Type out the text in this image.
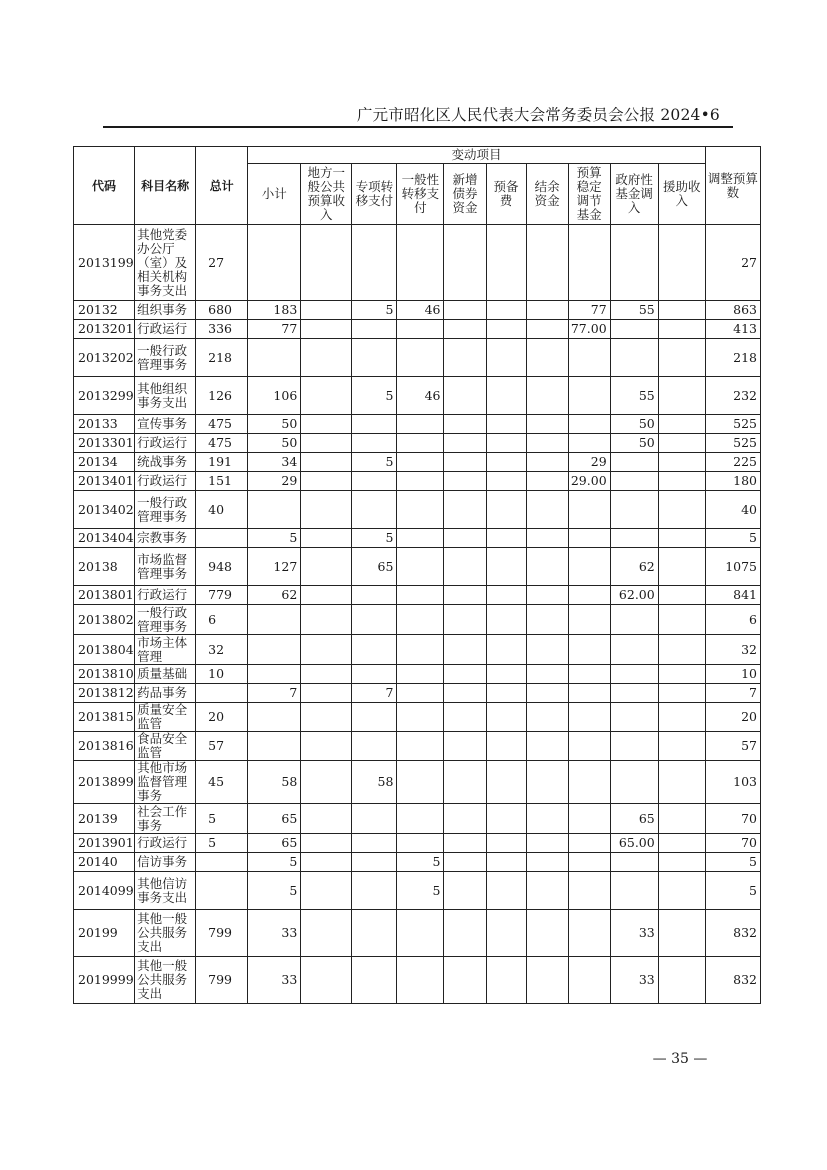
广元市昭化区人民代表大会常务委员会公报 2024•6
代码	科目名称	总计	变动项目										调整预算数
			小计	地方一般公共预算收入	专项转移支付	一般性转移支付	新增债券资金	预备费	结余资金	预算稳定调节基金	政府性基金调入	援助收入	
2013199	其他党委办公厅（室）及相关机构事务支出	27											27
20132	组织事务	680	183		5	46				77	55		863
2013201	行政运行	336	77							77.00			413
2013202	一般行政管理事务	218											218
2013299	其他组织事务支出	126	106		5	46					55		232
20133	宣传事务	475	50								50		525
2013301	行政运行	475	50								50		525
20134	统战事务	191	34		5					29			225
2013401	行政运行	151	29							29.00			180
2013402	一般行政管理事务	40											40
2013404	宗教事务		5		5								5
20138	市场监督管理事务	948	127		65						62		1075
2013801	行政运行	779	62								62.00		841
2013802	一般行政管理事务	6											6
2013804	市场主体管理	32											32
2013810	质量基础	10											10
2013812	药品事务		7		7								7
2013815	质量安全监管	20											20
2013816	食品安全监管	57											57
2013899	其他市场监督管理事务	45	58		58								103
20139	社会工作事务	5	65								65		70
2013901	行政运行	5	65								65.00		70
20140	信访事务		5			5							5
2014099	其他信访事务支出		5			5							5
20199	其他一般公共服务支出	799	33								33		832
2019999	其他一般公共服务支出	799	33								33		832
— 35 —
